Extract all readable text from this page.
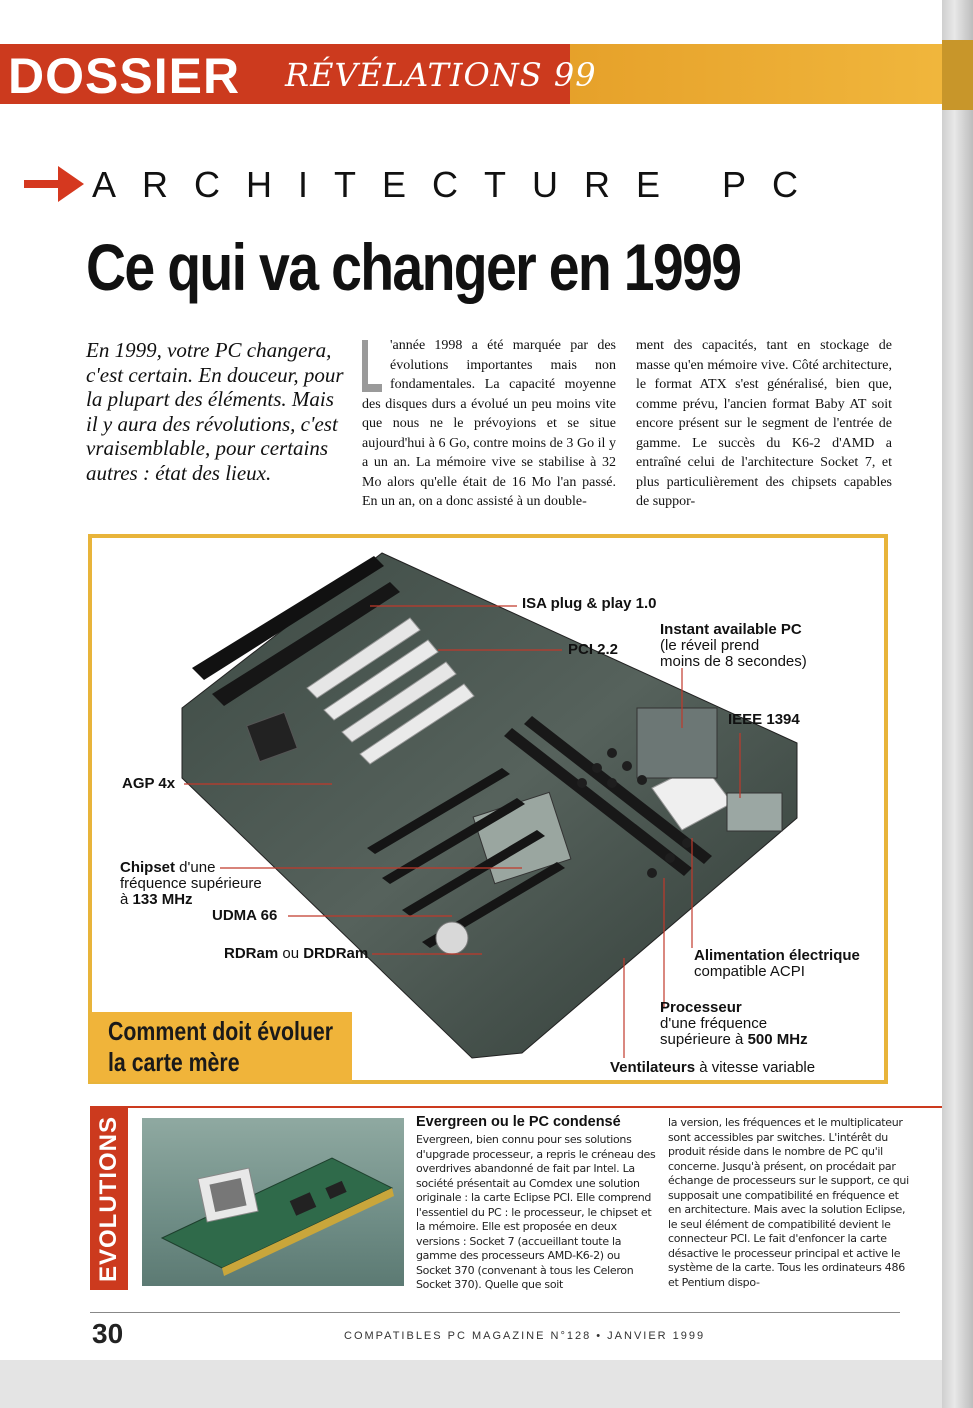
DOSSIER RÉVÉLATIONS 99
ARCHITECTURE PC
Ce qui va changer en 1999
En 1999, votre PC changera, c'est certain. En douceur, pour la plupart des éléments. Mais il y aura des révolutions, c'est vraisemblable, pour certains autres : état des lieux.
'année 1998 a été marquée par des évolutions importantes mais non fondamentales. La capacité moyenne des disques durs a évolué un peu moins vite que nous ne le prévoyions et se situe aujourd'hui à 6 Go, contre moins de 3 Go il y a un an. La mémoire vive se stabilise à 32 Mo alors qu'elle était de 16 Mo l'an passé. En un an, on a donc assisté à un double-
ment des capacités, tant en stockage de masse qu'en mémoire vive. Côté architecture, le format ATX s'est généralisé, bien que, comme prévu, l'ancien format Baby AT soit encore présent sur le segment de l'entrée de gamme. Le succès du K6-2 d'AMD a entraîné celui de l'architecture Socket 7, et plus particulièrement des chipsets capables de suppor-
ISA plug & play 1.0
PCI 2.2
Instant available PC
(le réveil prend
moins de 8 secondes)
IEEE 1394
AGP 4x
Chipset d'une
fréquence supérieure
à 133 MHz
UDMA 66
RDRam ou DRDRam	Alimentation électrique
compatible ACPI
Processeur
d'une fréquence
supérieure à 500 MHz
Ventilateurs à vitesse variable
Comment doit évoluer
la carte mère
EVOLUTIONS	Evergreen ou le PC condensé
Evergreen, bien connu pour ses solutions d'upgrade processeur, a repris le créneau des overdrives abandonné de fait par Intel. La société présentait au Comdex une solution originale : la carte Eclipse PCI. Elle comprend l'essentiel du PC : le processeur, le chipset et la mémoire. Elle est proposée en deux versions : Socket 7 (accueillant toute la gamme des processeurs AMD-K6-2) ou Socket 370 (convenant à tous les Celeron Socket 370). Quelle que soit
la version, les fréquences et le multiplicateur sont accessibles par switches. L'intérêt du produit réside dans le nombre de PC qu'il concerne. Jusqu'à présent, on procédait par échange de processeurs sur le support, ce qui supposait une compatibilité en fréquence et en architecture. Mais avec la solution Eclipse, le seul élément de compatibilité devient le connecteur PCI. Le fait d'enfoncer la carte désactive le processeur principal et active le système de la carte. Tous les ordinateurs 486 et Pentium dispo-
30	COMPATIBLES PC MAGAZINE N°128 • JANVIER 1999
